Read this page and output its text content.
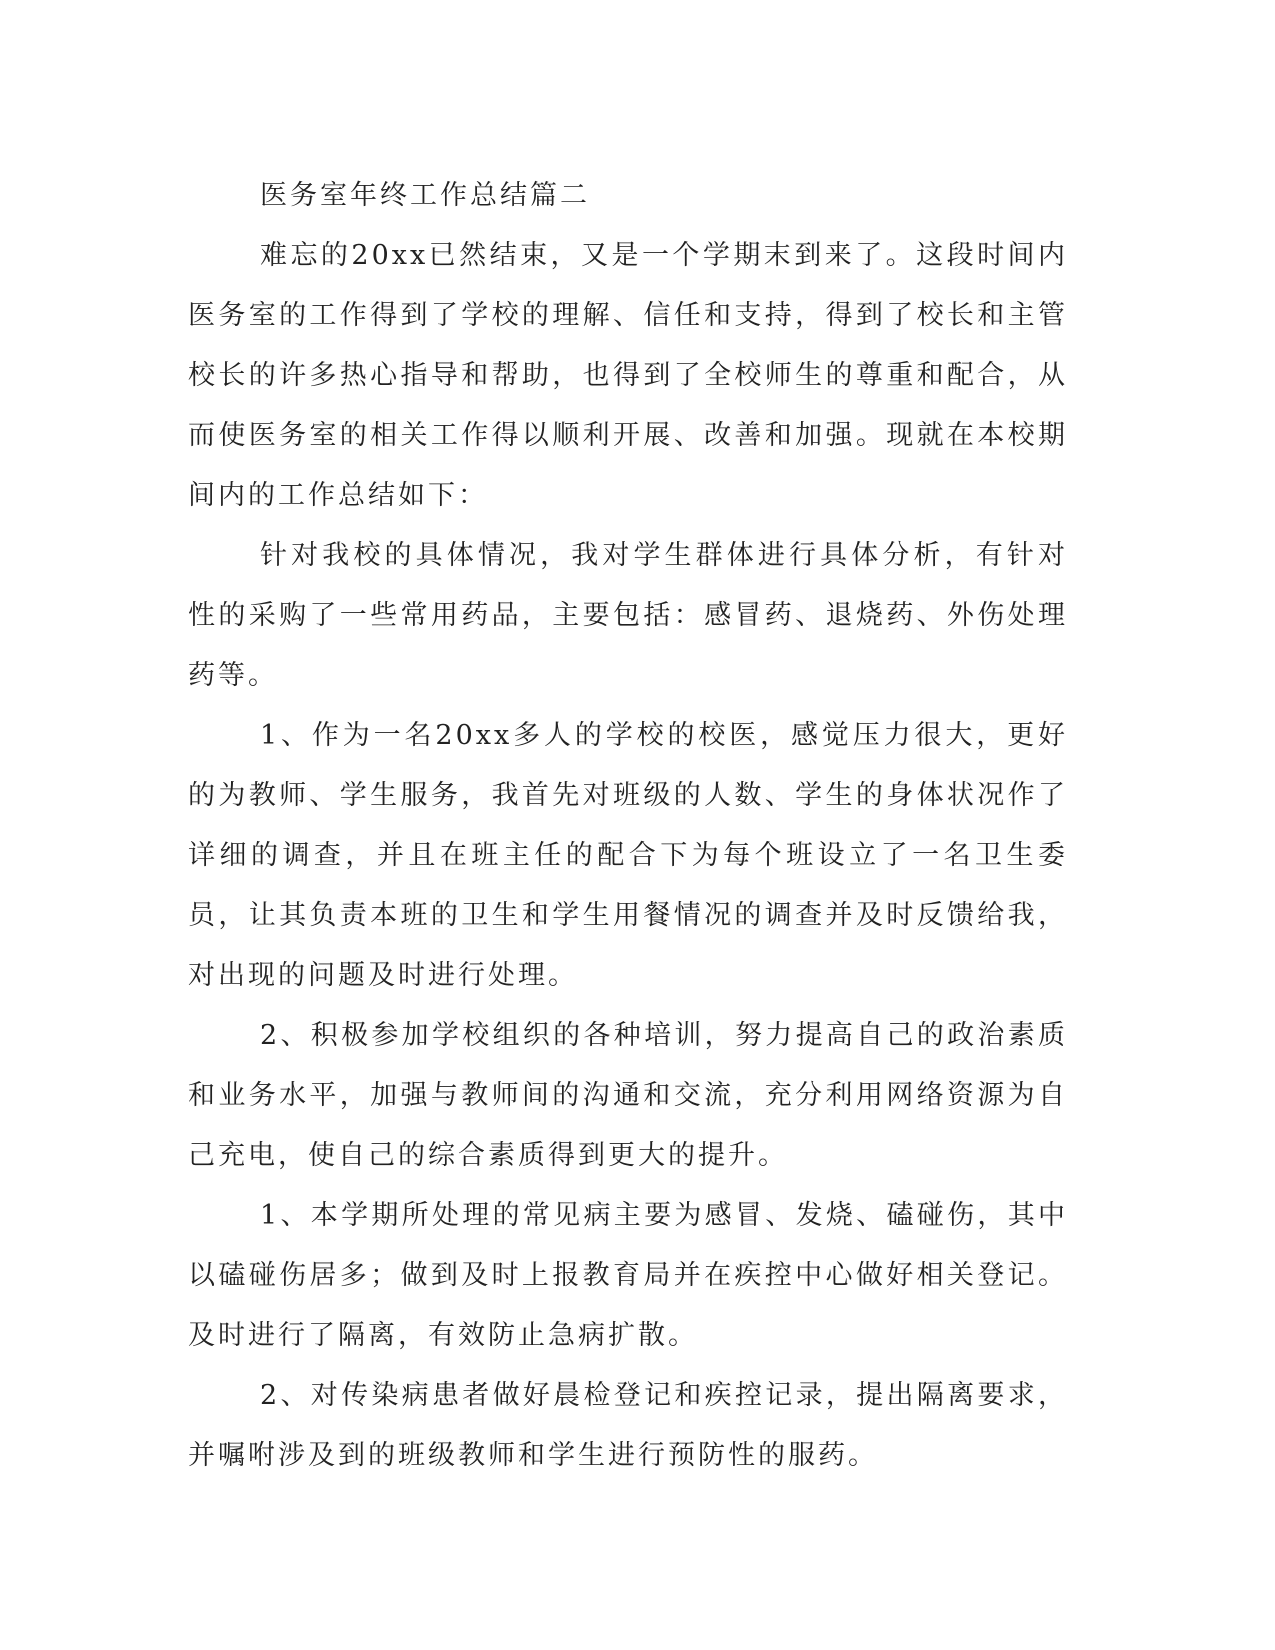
医务室年终工作总结篇二

难忘的20xx已然结束，又是一个学期末到来了。这段时间内医务室的工作得到了学校的理解、信任和支持，得到了校长和主管校长的许多热心指导和帮助，也得到了全校师生的尊重和配合，从而使医务室的相关工作得以顺利开展、改善和加强。现就在本校期间内的工作总结如下：

针对我校的具体情况，我对学生群体进行具体分析，有针对性的采购了一些常用药品，主要包括：感冒药、退烧药、外伤处理药等。

1、作为一名20xx多人的学校的校医，感觉压力很大，更好的为教师、学生服务，我首先对班级的人数、学生的身体状况作了详细的调查，并且在班主任的配合下为每个班设立了一名卫生委员，让其负责本班的卫生和学生用餐情况的调查并及时反馈给我，对出现的问题及时进行处理。

2、积极参加学校组织的各种培训，努力提高自己的政治素质和业务水平，加强与教师间的沟通和交流，充分利用网络资源为自己充电，使自己的综合素质得到更大的提升。

1、本学期所处理的常见病主要为感冒、发烧、磕碰伤，其中以磕碰伤居多；做到及时上报教育局并在疾控中心做好相关登记。及时进行了隔离，有效防止急病扩散。

2、对传染病患者做好晨检登记和疾控记录，提出隔离要求，并嘱咐涉及到的班级教师和学生进行预防性的服药。
